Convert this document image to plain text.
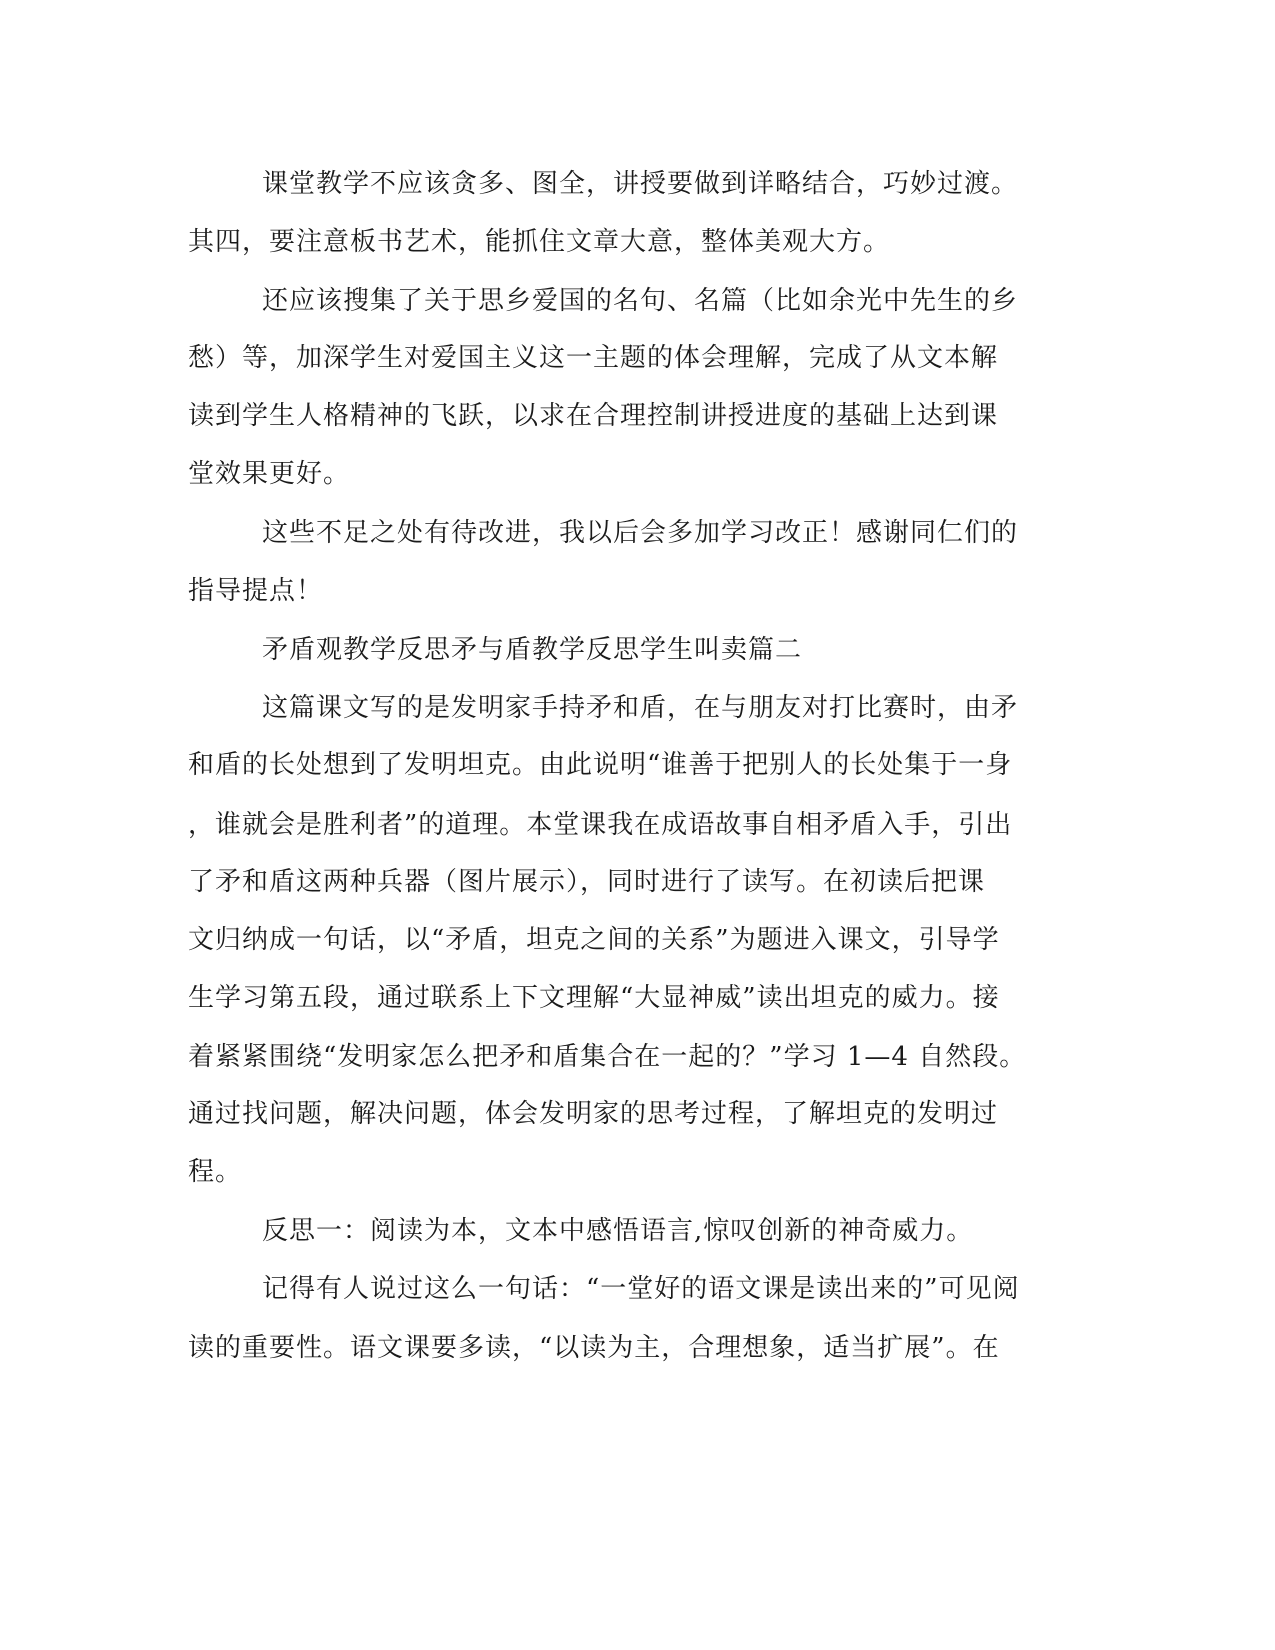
课堂教学不应该贪多、图全，讲授要做到详略结合，巧妙过渡。
其四，要注意板书艺术，能抓住文章大意，整体美观大方。
还应该搜集了关于思乡爱国的名句、名篇（比如余光中先生的乡
愁）等，加深学生对爱国主义这一主题的体会理解，完成了从文本解
读到学生人格精神的飞跃，以求在合理控制讲授进度的基础上达到课
堂效果更好。
这些不足之处有待改进，我以后会多加学习改正！感谢同仁们的
指导提点！
矛盾观教学反思矛与盾教学反思学生叫卖篇二
这篇课文写的是发明家手持矛和盾，在与朋友对打比赛时，由矛
和盾的长处想到了发明坦克。由此说明“谁善于把别人的长处集于一身
，谁就会是胜利者”的道理。本堂课我在成语故事自相矛盾入手，引出
了矛和盾这两种兵器（图片展示），同时进行了读写。在初读后把课
文归纳成一句话，以“矛盾，坦克之间的关系”为题进入课文，引导学
生学习第五段，通过联系上下文理解“大显神威”读出坦克的威力。接
着紧紧围绕“发明家怎么把矛和盾集合在一起的？”学习 1—4 自然段。
通过找问题，解决问题，体会发明家的思考过程，了解坦克的发明过
程。
反思一：阅读为本，文本中感悟语言,惊叹创新的神奇威力。
记得有人说过这么一句话：“一堂好的语文课是读出来的”可见阅
读的重要性。语文课要多读，“以读为主，合理想象，适当扩展”。在
